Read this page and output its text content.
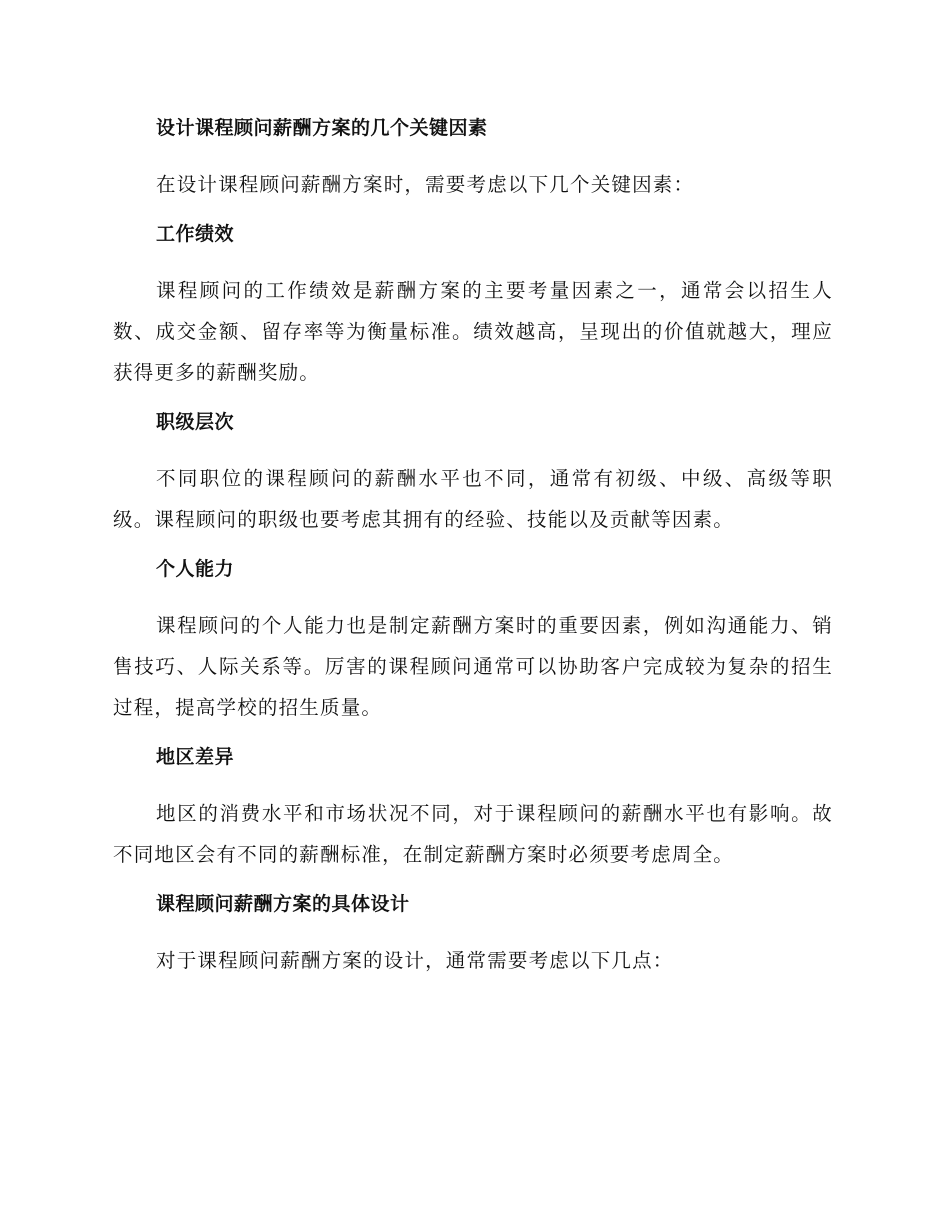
设计课程顾问薪酬方案的几个关键因素

在设计课程顾问薪酬方案时，需要考虑以下几个关键因素：

工作绩效

课程顾问的工作绩效是薪酬方案的主要考量因素之一，通常会以招生人数、成交金额、留存率等为衡量标准。绩效越高，呈现出的价值就越大，理应获得更多的薪酬奖励。

职级层次

不同职位的课程顾问的薪酬水平也不同，通常有初级、中级、高级等职级。课程顾问的职级也要考虑其拥有的经验、技能以及贡献等因素。

个人能力

课程顾问的个人能力也是制定薪酬方案时的重要因素，例如沟通能力、销售技巧、人际关系等。厉害的课程顾问通常可以协助客户完成较为复杂的招生过程，提高学校的招生质量。

地区差异

地区的消费水平和市场状况不同，对于课程顾问的薪酬水平也有影响。故不同地区会有不同的薪酬标准，在制定薪酬方案时必须要考虑周全。

课程顾问薪酬方案的具体设计

对于课程顾问薪酬方案的设计，通常需要考虑以下几点：
